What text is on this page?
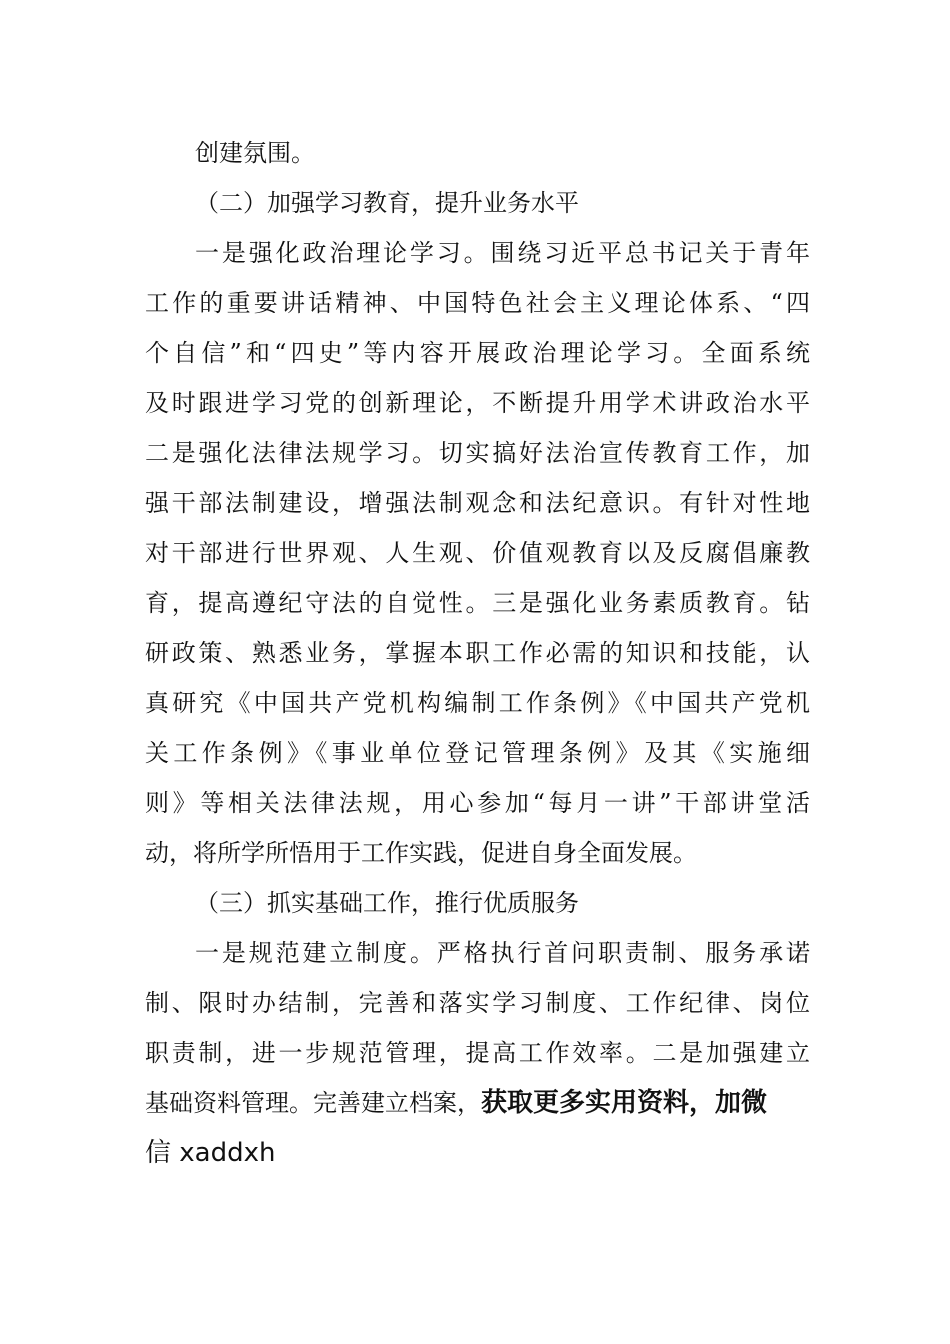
创建氛围。
（二）加强学习教育，提升业务水平
一是强化政治理论学习。围绕习近平总书记关于青年
工作的重要讲话精神、中国特色社会主义理论体系、“四
个自信”和“四史”等内容开展政治理论学习。全面系统
及时跟进学习党的创新理论，不断提升用学术讲政治水平
二是强化法律法规学习。切实搞好法治宣传教育工作，加
强干部法制建设，增强法制观念和法纪意识。有针对性地
对干部进行世界观、人生观、价值观教育以及反腐倡廉教
育，提高遵纪守法的自觉性。三是强化业务素质教育。钻
研政策、熟悉业务，掌握本职工作必需的知识和技能，认
真研究《中国共产党机构编制工作条例》《中国共产党机
关工作条例》《事业单位登记管理条例》及其《实施细
则》等相关法律法规，用心参加“每月一讲”干部讲堂活
动，将所学所悟用于工作实践，促进自身全面发展。
（三）抓实基础工作，推行优质服务
一是规范建立制度。严格执行首问职责制、服务承诺
制、限时办结制，完善和落实学习制度、工作纪律、岗位
职责制，进一步规范管理，提高工作效率。二是加强建立
基础资料管理。完善建立档案，获取更多实用资料，加微
信 xaddxh
